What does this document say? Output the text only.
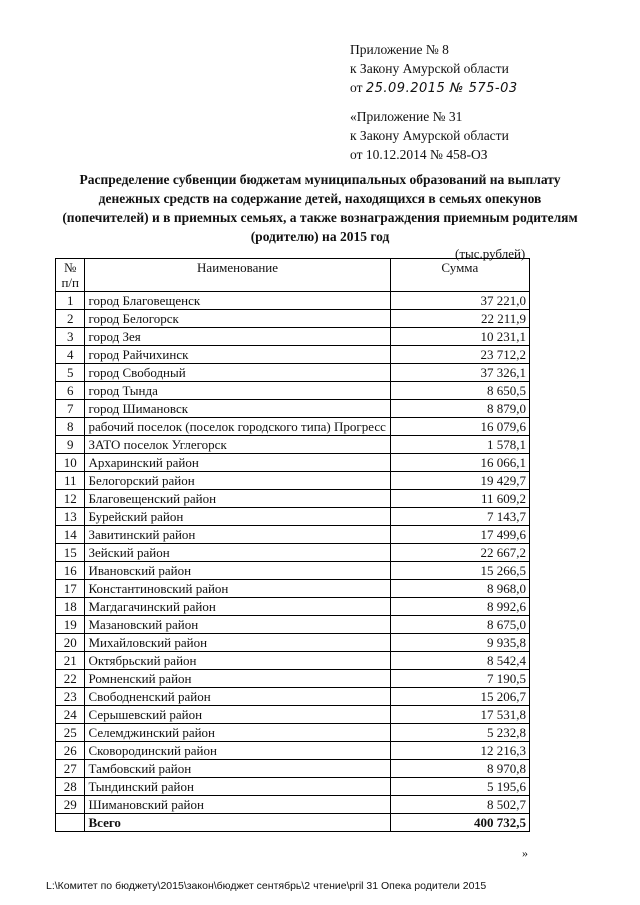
Приложение № 8
к Закону Амурской области
от 25.09.2015 № 575-03
«Приложение № 31
к Закону Амурской области
от 10.12.2014 № 458-ОЗ
Распределение субвенции бюджетам муниципальных образований на выплату денежных средств на содержание детей, находящихся в семьях опекунов (попечителей) и в приемных семьях, а также вознаграждения приемным родителям (родителю) на 2015 год
(тыс.рублей)
№ п/п	Наименование	Сумма
1	город Благовещенск	37 221,0
2	город Белогорск	22 211,9
3	город Зея	10 231,1
4	город Райчихинск	23 712,2
5	город Свободный	37 326,1
6	город Тында	8 650,5
7	город Шимановск	8 879,0
8	рабочий поселок (поселок городского типа) Прогресс	16 079,6
9	ЗАТО поселок Углегорск	1 578,1
10	Архаринский район	16 066,1
11	Белогорский район	19 429,7
12	Благовещенский район	11 609,2
13	Бурейский район	7 143,7
14	Завитинский район	17 499,6
15	Зейский район	22 667,2
16	Ивановский район	15 266,5
17	Константиновский район	8 968,0
18	Магдагачинский район	8 992,6
19	Мазановский район	8 675,0
20	Михайловский район	9 935,8
21	Октябрьский район	8 542,4
22	Ромненский район	7 190,5
23	Свободненский район	15 206,7
24	Серышевский район	17 531,8
25	Селемджинский район	5 232,8
26	Сковородинский район	12 216,3
27	Тамбовский район	8 970,8
28	Тындинский район	5 195,6
29	Шимановский район	8 502,7
	Всего	400 732,5
»
L:\Комитет по бюджету\2015\закон\бюджет сентябрь\2 чтение\pril 31 Опека родители 2015
